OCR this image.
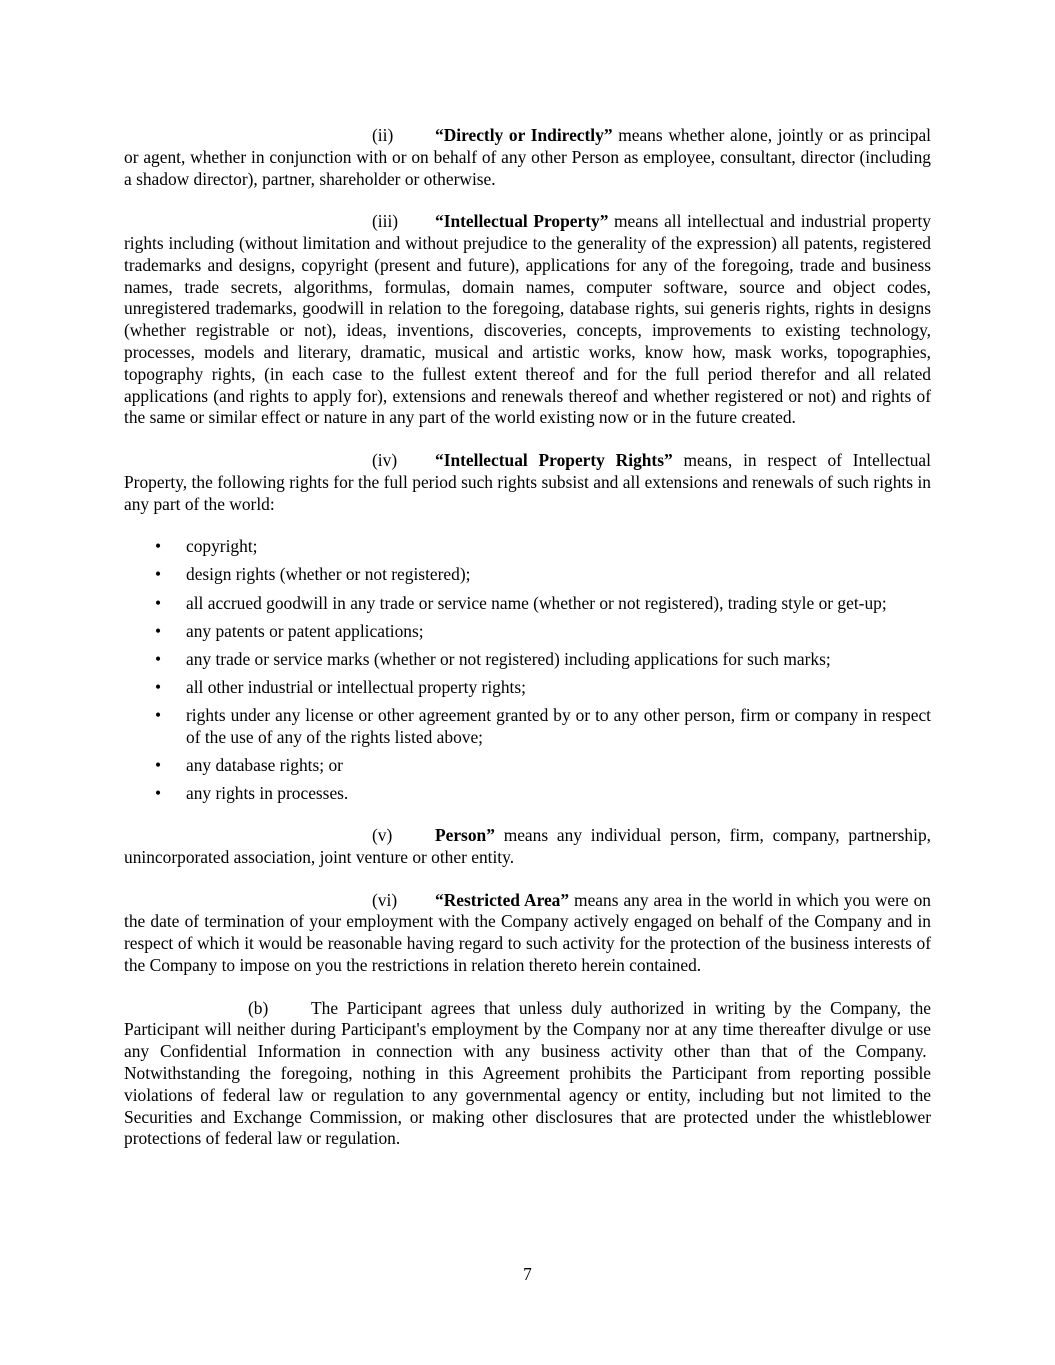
(ii) “Directly or Indirectly” means whether alone, jointly or as principal or agent, whether in conjunction with or on behalf of any other Person as employee, consultant, director (including a shadow director), partner, shareholder or otherwise.

(iii) “Intellectual Property” means all intellectual and industrial property rights including (without limitation and without prejudice to the generality of the expression) all patents, registered trademarks and designs, copyright (present and future), applications for any of the foregoing, trade and business names, trade secrets, algorithms, formulas, domain names, computer software, source and object codes, unregistered trademarks, goodwill in relation to the foregoing, database rights, sui generis rights, rights in designs (whether registrable or not), ideas, inventions, discoveries, concepts, improvements to existing technology, processes, models and literary, dramatic, musical and artistic works, know how, mask works, topographies, topography rights, (in each case to the fullest extent thereof and for the full period therefor and all related applications (and rights to apply for), extensions and renewals thereof and whether registered or not) and rights of the same or similar effect or nature in any part of the world existing now or in the future created.

(iv) “Intellectual Property Rights” means, in respect of Intellectual Property, the following rights for the full period such rights subsist and all extensions and renewals of such rights in any part of the world:

• copyright;
• design rights (whether or not registered);
• all accrued goodwill in any trade or service name (whether or not registered), trading style or get-up;
• any patents or patent applications;
• any trade or service marks (whether or not registered) including applications for such marks;
• all other industrial or intellectual property rights;
• rights under any license or other agreement granted by or to any other person, firm or company in respect of the use of any of the rights listed above;
• any database rights; or
• any rights in processes.

(v) Person” means any individual person, firm, company, partnership, unincorporated association, joint venture or other entity.

(vi) “Restricted Area” means any area in the world in which you were on the date of termination of your employment with the Company actively engaged on behalf of the Company and in respect of which it would be reasonable having regard to such activity for the protection of the business interests of the Company to impose on you the restrictions in relation thereto herein contained.

(b) The Participant agrees that unless duly authorized in writing by the Company, the Participant will neither during Participant's employment by the Company nor at any time thereafter divulge or use any Confidential Information in connection with any business activity other than that of the Company.  Notwithstanding the foregoing, nothing in this Agreement prohibits the Participant from reporting possible violations of federal law or regulation to any governmental agency or entity, including but not limited to the Securities and Exchange Commission, or making other disclosures that are protected under the whistleblower protections of federal law or regulation.

7
